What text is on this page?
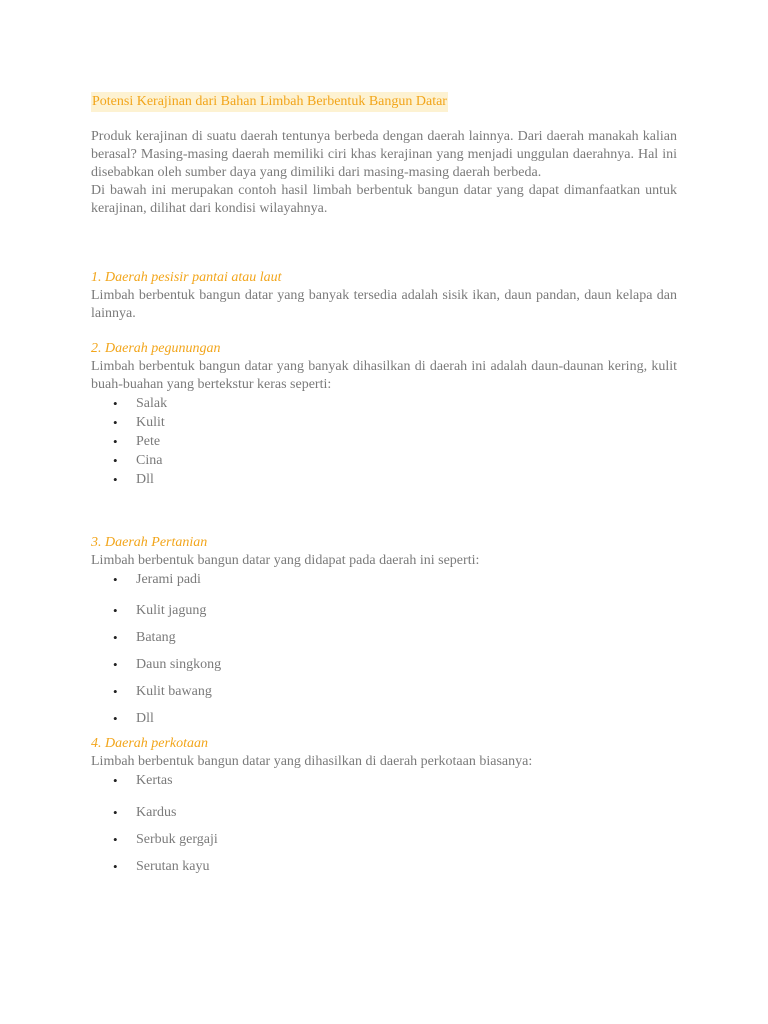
Potensi Kerajinan dari Bahan Limbah Berbentuk Bangun Datar

Produk kerajinan di suatu daerah tentunya berbeda dengan daerah lainnya. Dari daerah manakah kalian berasal? Masing-masing daerah memiliki ciri khas kerajinan yang menjadi unggulan daerahnya. Hal ini disebabkan oleh sumber daya yang dimiliki dari masing-masing daerah berbeda.

Di bawah ini merupakan contoh hasil limbah berbentuk bangun datar yang dapat dimanfaatkan untuk kerajinan, dilihat dari kondisi wilayahnya.

1. Daerah pesisir pantai atau laut

Limbah berbentuk bangun datar yang banyak tersedia adalah sisik ikan, daun pandan, daun kelapa dan lainnya.

2. Daerah pegunungan

Limbah berbentuk bangun datar yang banyak dihasilkan di daerah ini adalah daun-daunan kering, kulit buah-buahan yang bertekstur keras seperti:

• Salak
• Kulit
• Pete
• Cina
• Dll

3. Daerah Pertanian

Limbah berbentuk bangun datar yang didapat pada daerah ini seperti:

• Jerami padi
• Kulit jagung
• Batang
• Daun singkong
• Kulit bawang
• Dll

4. Daerah perkotaan

Limbah berbentuk bangun datar yang dihasilkan di daerah perkotaan biasanya:

• Kertas
• Kardus
• Serbuk gergaji
• Serutan kayu
